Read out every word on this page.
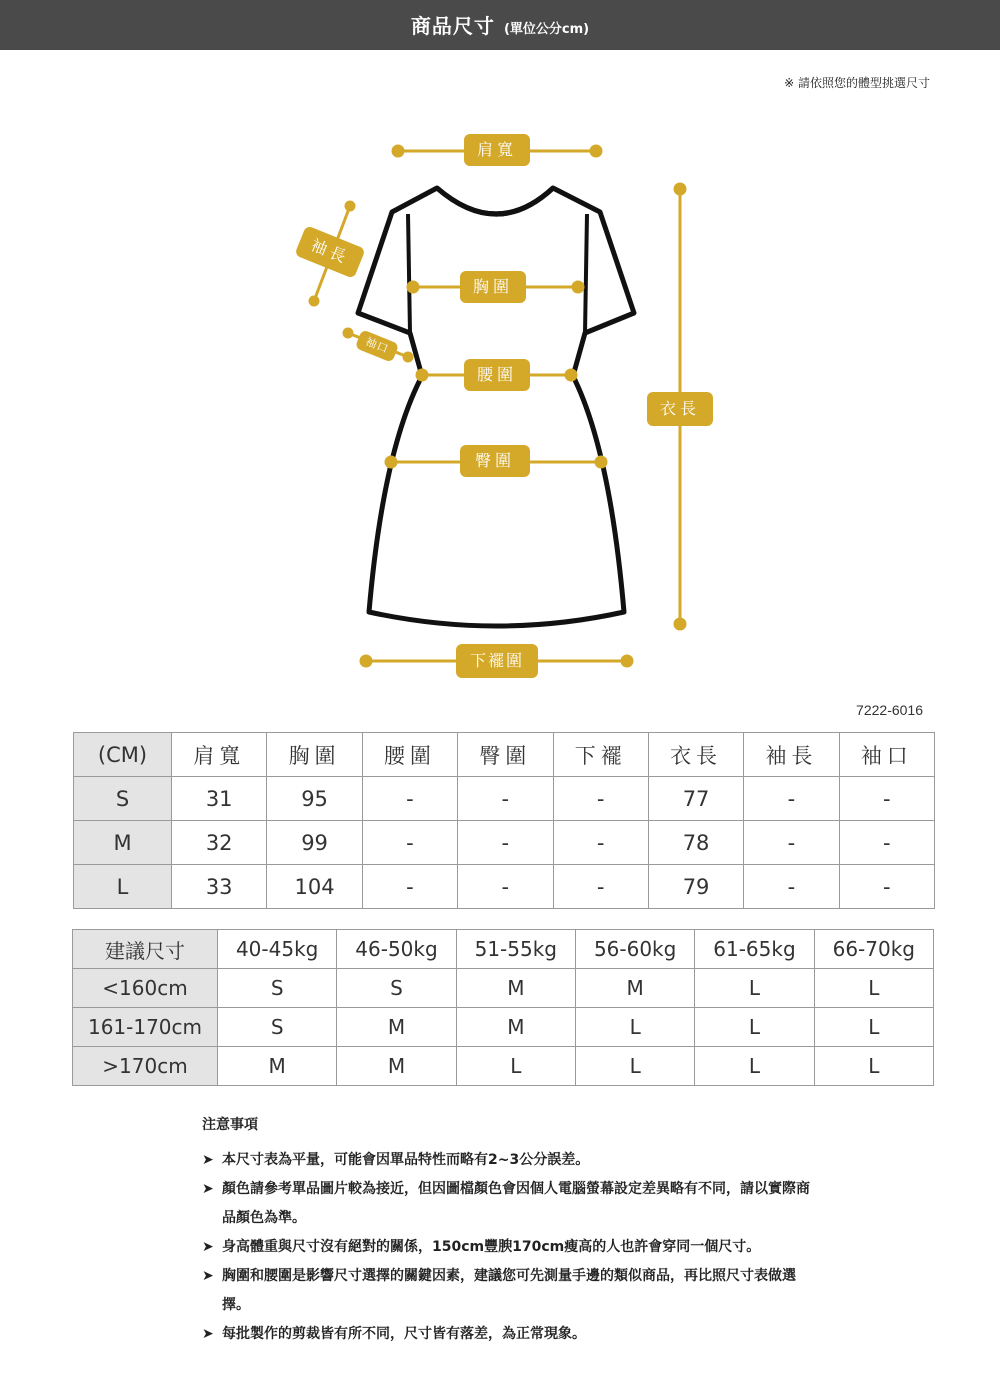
商品尺寸 (單位公分cm)
※ 請依照您的體型挑選尺寸
肩寬
袖長
胸圍
袖口
腰圍
臀圍
衣長
下襬圍
7222-6016
(CM)	肩寬	胸圍	腰圍	臀圍	下襬	衣長	袖長	袖口
S	31	95	-	-	-	77	-	-
M	32	99	-	-	-	78	-	-
L	33	104	-	-	-	79	-	-
建議尺寸	40-45kg	46-50kg	51-55kg	56-60kg	61-65kg	66-70kg
<160cm	S	S	M	M	L	L
161-170cm	S	M	M	L	L	L
>170cm	M	M	L	L	L	L
注意事項
➤ 本尺寸表為平量，可能會因單品特性而略有2~3公分誤差。
➤ 顏色請參考單品圖片較為接近，但因圖檔顏色會因個人電腦螢幕設定差異略有不同，請以實際商品顏色為準。
➤ 身高體重與尺寸沒有絕對的關係，150cm豐腴170cm瘦高的人也許會穿同一個尺寸。
➤ 胸圍和腰圍是影響尺寸選擇的關鍵因素，建議您可先測量手邊的類似商品，再比照尺寸表做選擇。
➤ 每批製作的剪裁皆有所不同，尺寸皆有落差，為正常現象。
